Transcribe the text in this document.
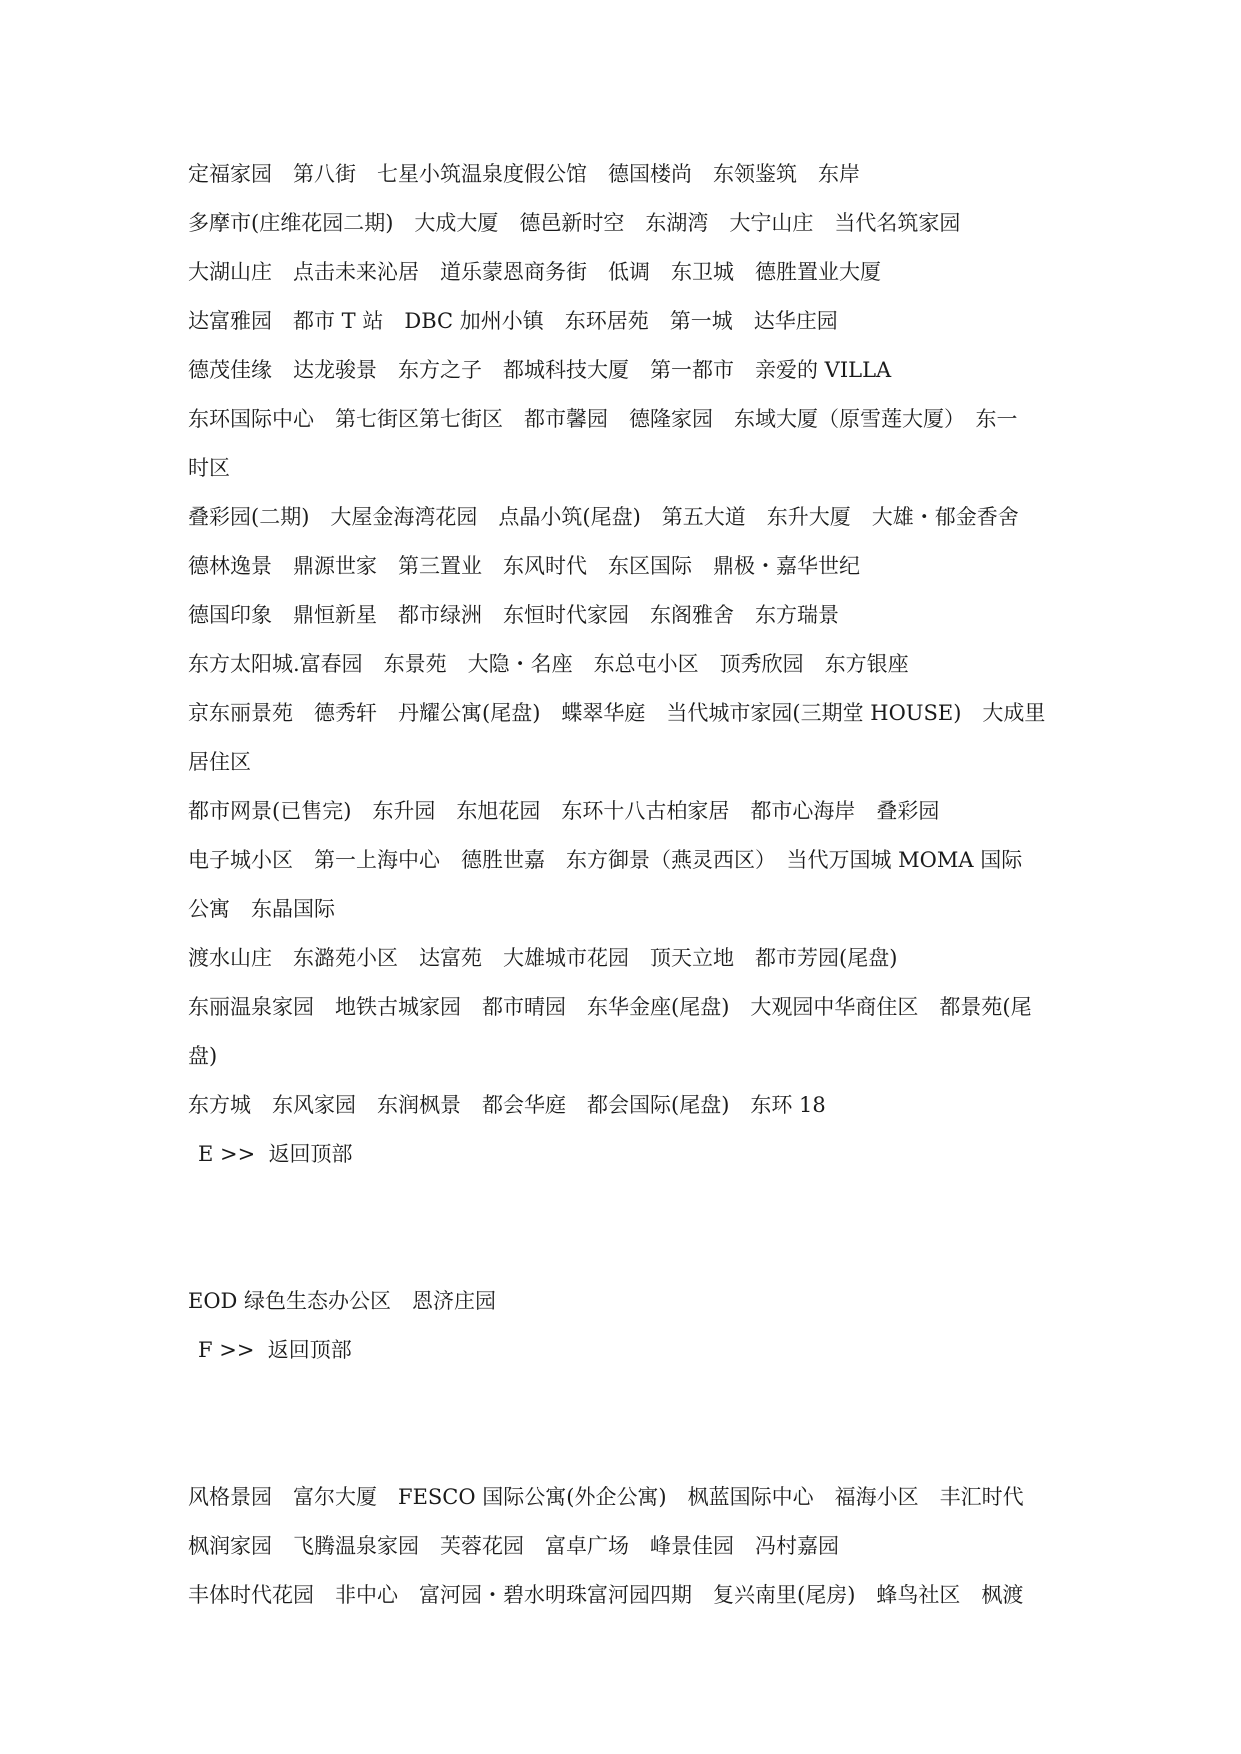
定福家园　第八街　七星小筑温泉度假公馆　德国楼尚　东领鉴筑　东岸
多摩市(庄维花园二期)　大成大厦　德邑新时空　东湖湾　大宁山庄　当代名筑家园
大湖山庄　点击未来沁居　道乐蒙恩商务街　低调　东卫城　德胜置业大厦
达富雅园　都市 T 站　DBC 加州小镇　东环居苑　第一城　达华庄园
德茂佳缘　达龙骏景　东方之子　都城科技大厦　第一都市　亲爱的 VILLA
东环国际中心　第七街区第七街区　都市馨园　德隆家园　东域大厦（原雪莲大厦）　东一
时区
叠彩园(二期)　大屋金海湾花园　点晶小筑(尾盘)　第五大道　东升大厦　大雄・郁金香舍
德林逸景　鼎源世家　第三置业　东风时代　东区国际　鼎极・嘉华世纪
德国印象　鼎恒新星　都市绿洲　东恒时代家园　东阁雅舍　东方瑞景
东方太阳城.富春园　东景苑　大隐・名座　东总屯小区　顶秀欣园　东方银座
京东丽景苑　德秀轩　丹耀公寓(尾盘)　蝶翠华庭　当代城市家园(三期堂 HOUSE)　大成里
居住区
都市网景(已售完)　东升园　东旭花园　东环十八古柏家居　都市心海岸　叠彩园
电子城小区　第一上海中心　德胜世嘉　东方御景（燕灵西区）　当代万国城 MOMA 国际
公寓　东晶国际
渡水山庄　东潞苑小区　达富苑　大雄城市花园　顶天立地　都市芳园(尾盘)
东丽温泉家园　地铁古城家园　都市晴园　东华金座(尾盘)　大观园中华商住区　都景苑(尾
盘)
东方城　东风家园　东润枫景　都会华庭　都会国际(尾盘)　东环 18
E >> 返回顶部
EOD 绿色生态办公区　恩济庄园
F >> 返回顶部
风格景园　富尔大厦　FESCO 国际公寓(外企公寓)　枫蓝国际中心　福海小区　丰汇时代
枫润家园　飞腾温泉家园　芙蓉花园　富卓广场　峰景佳园　冯村嘉园
丰体时代花园　非中心　富河园・碧水明珠富河园四期　复兴南里(尾房)　蜂鸟社区　枫渡
